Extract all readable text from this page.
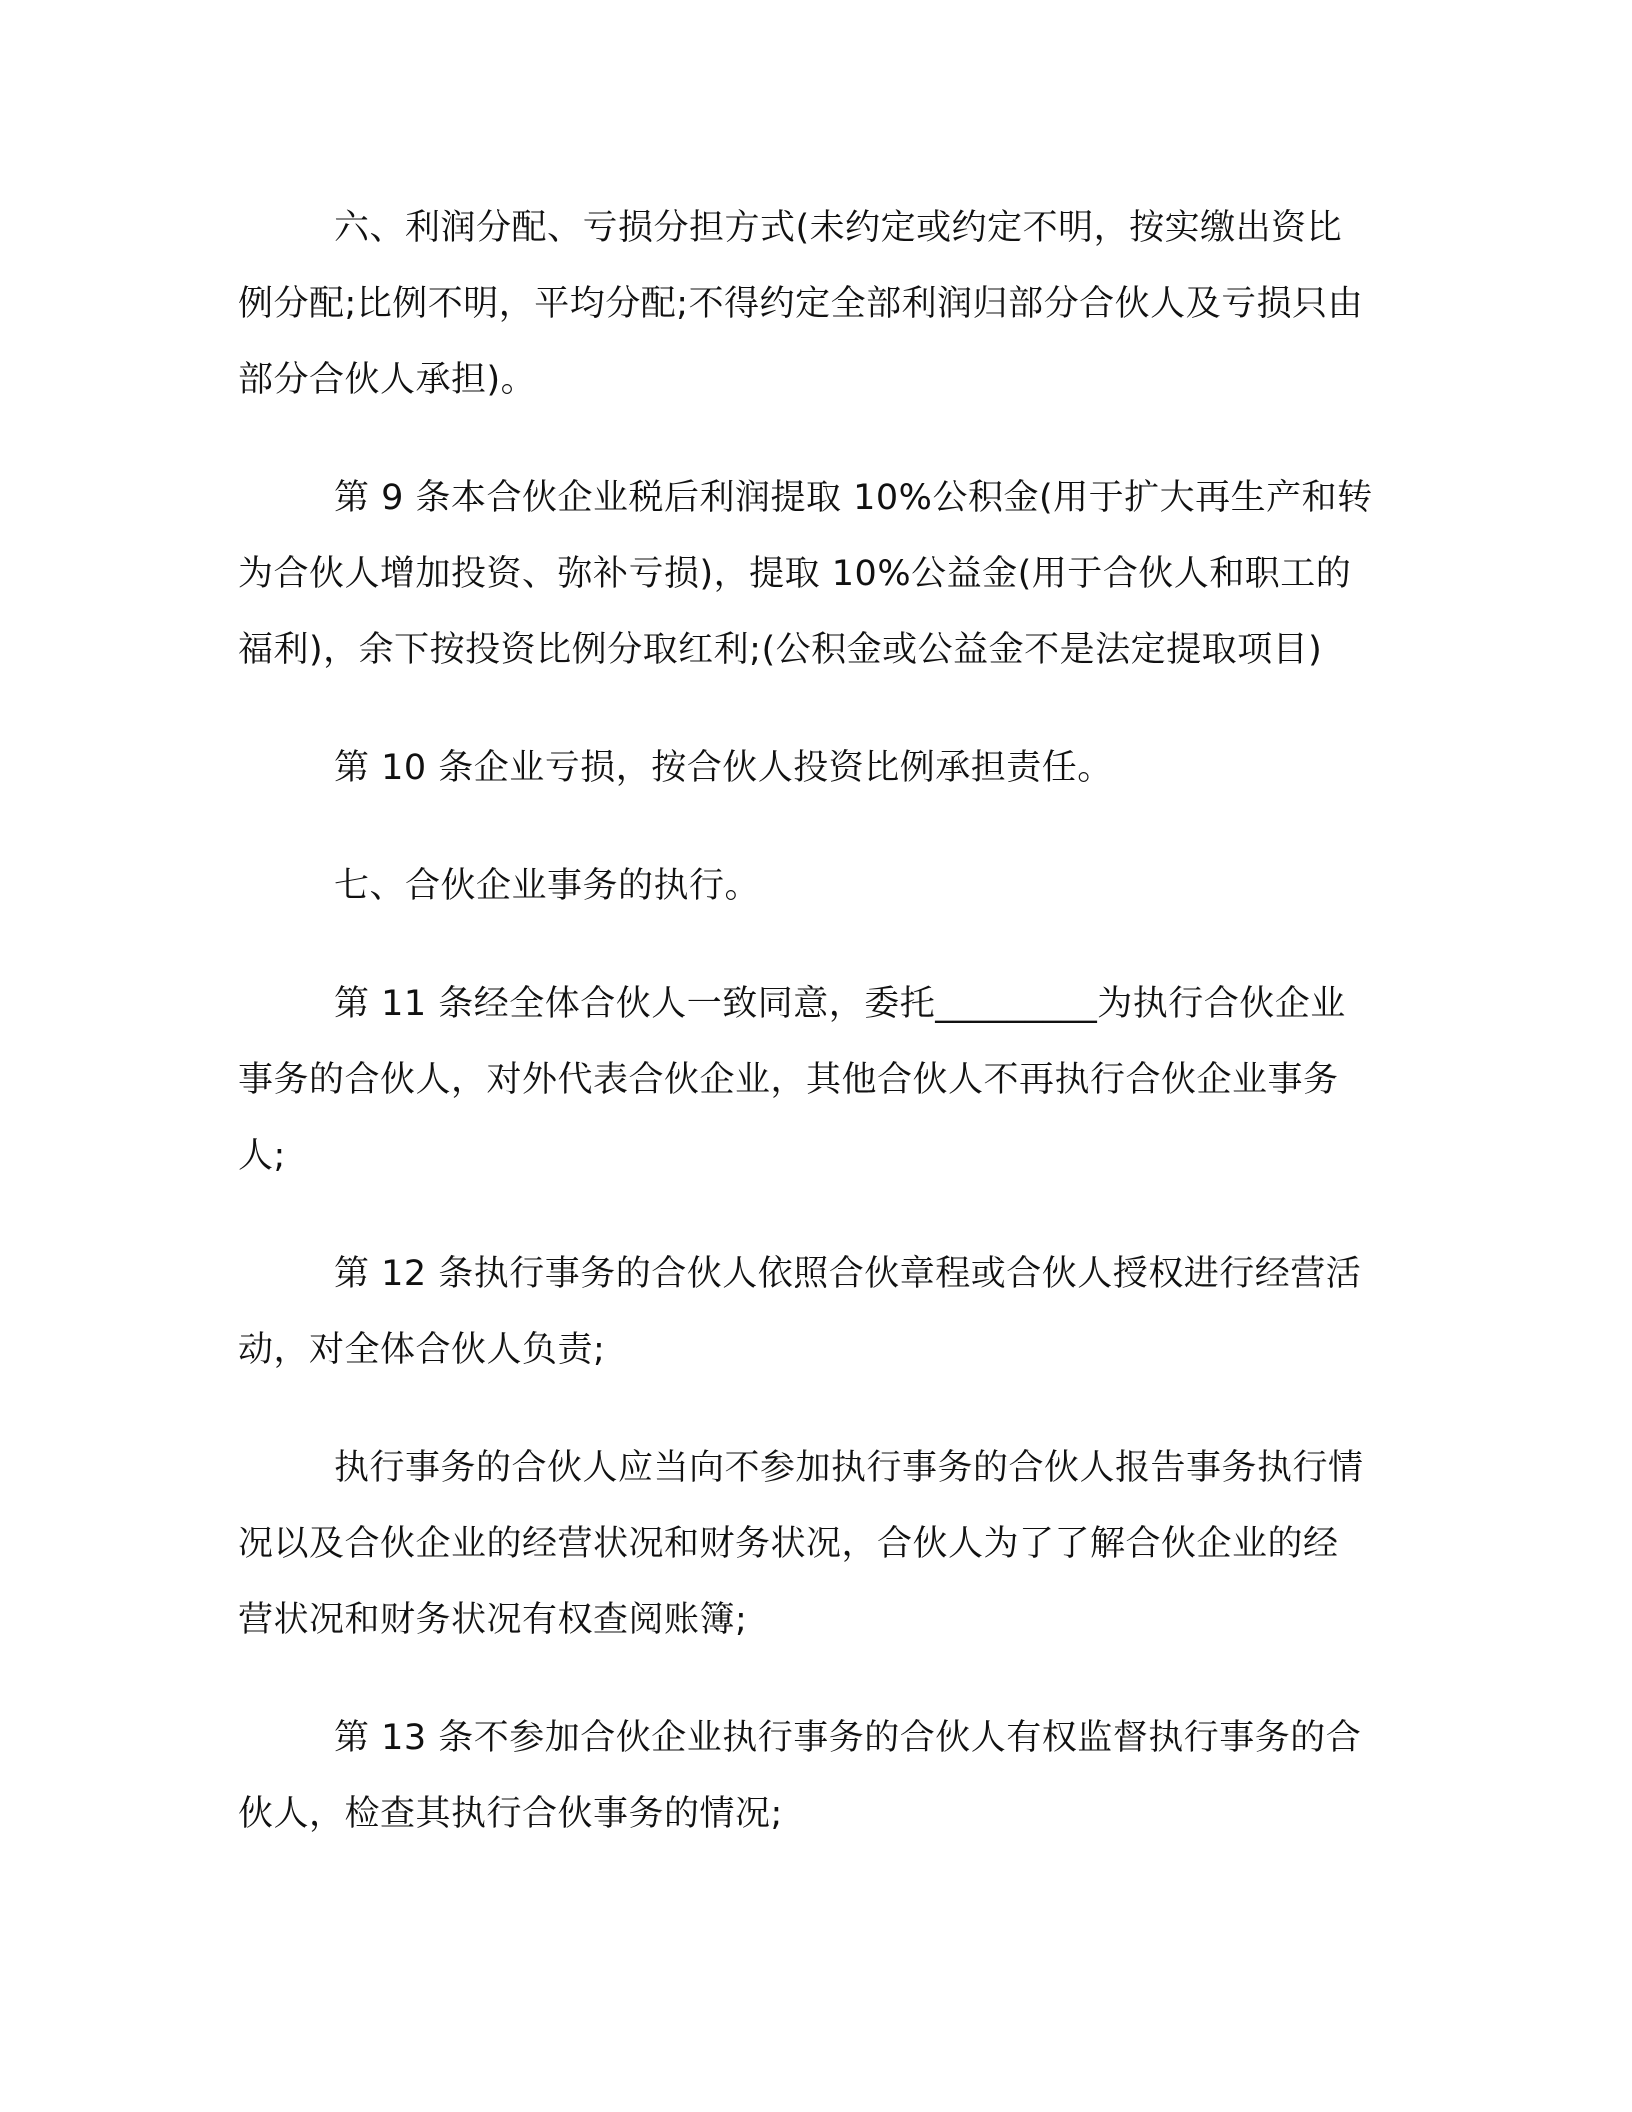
六、利润分配、亏损分担方式(未约定或约定不明，按实缴出资比例分配;比例不明，平均分配;不得约定全部利润归部分合伙人及亏损只由部分合伙人承担)。

第 9 条本合伙企业税后利润提取 10%公积金(用于扩大再生产和转为合伙人增加投资、弥补亏损)，提取 10%公益金(用于合伙人和职工的福利)，余下按投资比例分取红利;(公积金或公益金不是法定提取项目)

第 10 条企业亏损，按合伙人投资比例承担责任。

七、合伙企业事务的执行。

第 11 条经全体合伙人一致同意，委托_________为执行合伙企业事务的合伙人，对外代表合伙企业，其他合伙人不再执行合伙企业事务人;

第 12 条执行事务的合伙人依照合伙章程或合伙人授权进行经营活动，对全体合伙人负责;

执行事务的合伙人应当向不参加执行事务的合伙人报告事务执行情况以及合伙企业的经营状况和财务状况，合伙人为了了解合伙企业的经营状况和财务状况有权查阅账簿;

第 13 条不参加合伙企业执行事务的合伙人有权监督执行事务的合伙人，检查其执行合伙事务的情况;
